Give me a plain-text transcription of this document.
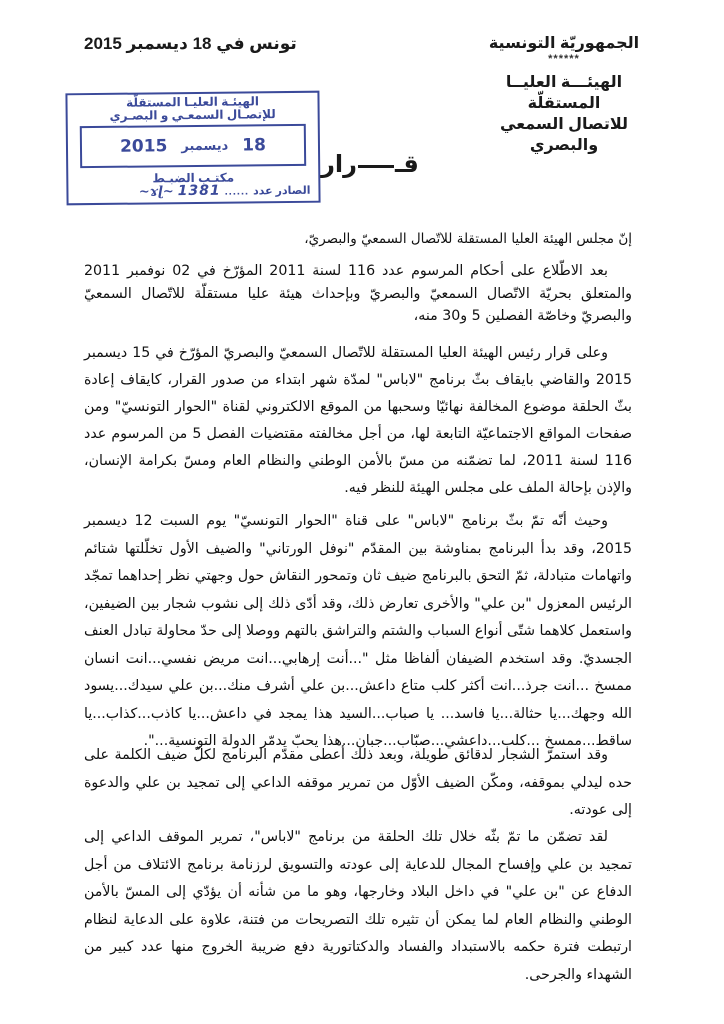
الجمهوريّة التونسية
******
الهيئـــة العليــا المستقلّة
للاتصال السمعي والبصري
تونس في 18 ديسمبر 2015
الهيئـة العليـا المستقلّة
للإتصـال السمعـي و البصـري
18
ديسمبر
2015
مكتـب الضبـط
الصادر عدد
......
1381
~ɤɭ~
قـرار
إنّ مجلس الهيئة العليا المستقلة للاتّصال السمعيّ والبصريّ،

بعد الاطّلاع على أحكام المرسوم عدد 116 لسنة 2011 المؤرّخ في 02 نوفمبر 2011 والمتعلق بحريّة الاتّصال السمعيّ والبصريّ وبإحداث هيئة عليا مستقلّة للاتّصال السمعيّ والبصريّ وخاصّة الفصلين 5 و30 منه،

وعلى قرار رئيس الهيئة العليا المستقلة للاتّصال السمعيّ والبصريّ المؤرّخ في 15 ديسمبر 2015 والقاضي بايقاف بثّ برنامج "لاباس" لمدّة شهر ابتداء من صدور القرار، كايقاف إعادة بثّ الحلقة موضوع المخالفة نهائيّا وسحبها من الموقع الالكتروني لقناة "الحوار التونسيّ" ومن صفحات المواقع الاجتماعيّة التابعة لها، من أجل مخالفته مقتضيات الفصل 5 من المرسوم عدد 116 لسنة 2011، لما تضمّنه من مسّ بالأمن الوطني والنظام العام ومسّ بكرامة الإنسان، والإذن بإحالة الملف على مجلس الهيئة للنظر فيه.

وحيث أنّه تمّ بثّ برنامج "لاباس" على قناة "الحوار التونسيّ" يوم السبت 12 ديسمبر 2015، وقد بدأ البرنامج بمناوشة بين المقدّم "نوفل الورتاني" والضيف الأول تخلّلتها شتائم واتهامات متبادلة، ثمّ التحق بالبرنامج ضيف ثان وتمحور النقاش حول وجهتي نظر إحداهما تمجّد الرئيس المعزول "بن علي" والأخرى تعارض ذلك، وقد أدّى ذلك إلى نشوب شجار بين الضيفين، واستعمل كلاهما شتّى أنواع السباب والشتم والتراشق بالتهم ووصلا إلى حدّ محاولة تبادل العنف الجسديّ. وقد استخدم الضيفان ألفاظا مثل "...أنت إرهابي...انت مريض نفسي...انت انسان ممسخ ...انت جرذ...انت أكثر كلب متاع داعش...بن علي أشرف منك...بن علي سيدك...يسود الله وجهك...يا حثالة...يا فاسد... يا صباب...السيد هذا يمجد في داعش...يا كاذب...كذاب...يا ساقط...ممسخ ...كلب...داعشي...صبّاب...جبان...هذا يحبّ يدمّر الدولة التونسية...".

وقد استمرّ الشجار لدقائق طويلة، وبعد ذلك أعطى مقدّم البرنامج لكلّ ضيف الكلمة على حده ليدلي بموقفه، ومكّن الضيف الأوّل من تمرير موقفه الداعي إلى تمجيد بن علي والدعوة إلى عودته.

لقد تضمّن ما تمّ بثّه خلال تلك الحلقة من برنامج "لاباس"، تمرير الموقف الداعي إلى تمجيد بن علي وإفساح المجال للدعاية إلى عودته والتسويق لرزنامة برنامج الائتلاف من أجل الدفاع عن "بن علي" في داخل البلاد وخارجها، وهو ما من شأنه أن يؤدّي إلى المسّ بالأمن الوطني والنظام العام لما يمكن أن تثيره تلك التصريحات من فتنة، علاوة على الدعاية لنظام ارتبطت فترة حكمه بالاستبداد والفساد والدكتاتورية دفع ضريبة الخروج منها عدد كبير من الشهداء والجرحى.
